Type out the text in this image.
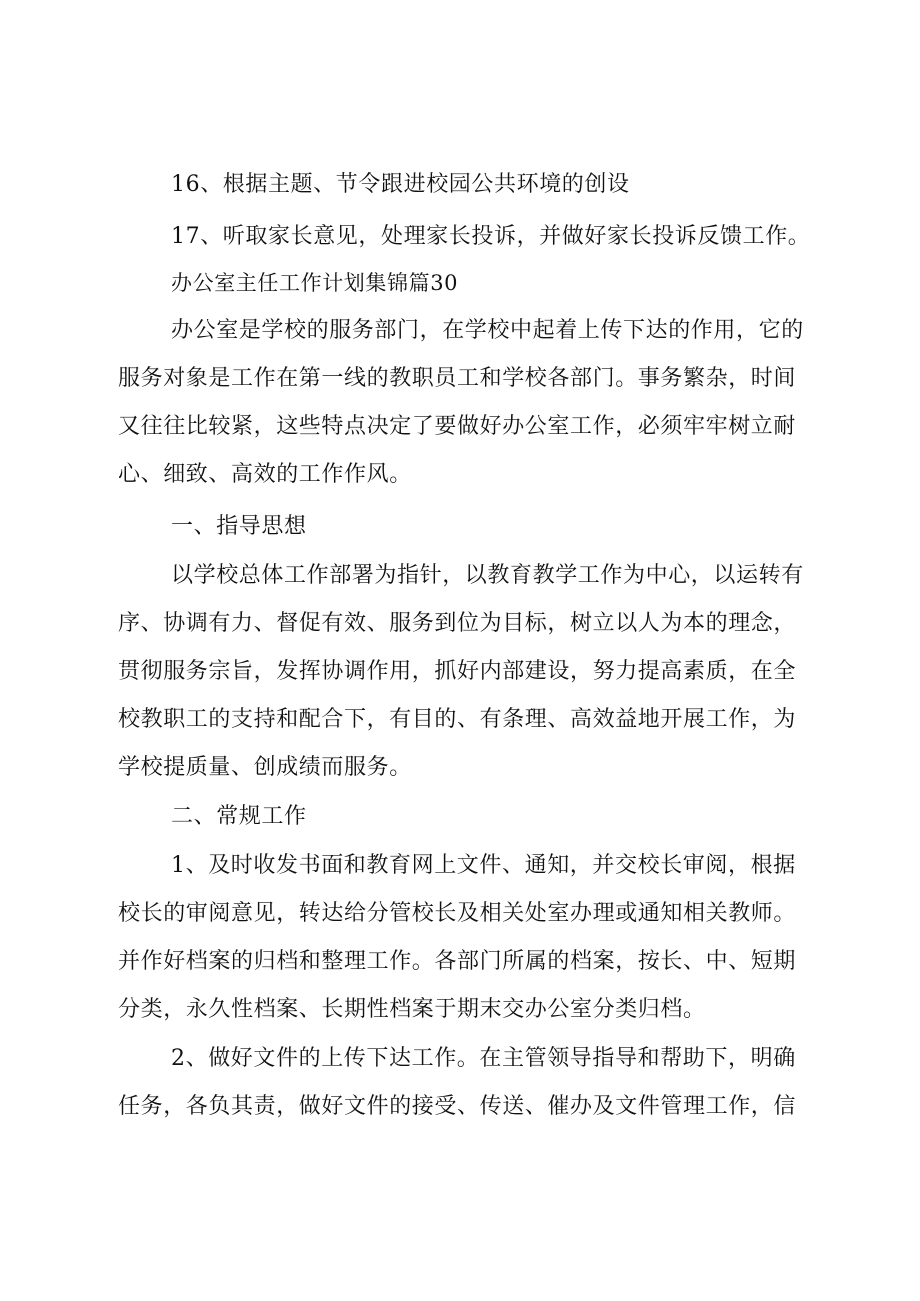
16、根据主题、节令跟进校园公共环境的创设
17、听取家长意见，处理家长投诉，并做好家长投诉反馈工作。
办公室主任工作计划集锦篇30
办公室是学校的服务部门，在学校中起着上传下达的作用，它的
服务对象是工作在第一线的教职员工和学校各部门。事务繁杂，时间
又往往比较紧，这些特点决定了要做好办公室工作，必须牢牢树立耐
心、细致、高效的工作作风。
一、指导思想
以学校总体工作部署为指针，以教育教学工作为中心，以运转有
序、协调有力、督促有效、服务到位为目标，树立以人为本的理念，
贯彻服务宗旨，发挥协调作用，抓好内部建设，努力提高素质，在全
校教职工的支持和配合下，有目的、有条理、高效益地开展工作，为
学校提质量、创成绩而服务。
二、常规工作
1、及时收发书面和教育网上文件、通知，并交校长审阅，根据
校长的审阅意见，转达给分管校长及相关处室办理或通知相关教师。
并作好档案的归档和整理工作。各部门所属的档案，按长、中、短期
分类，永久性档案、长期性档案于期末交办公室分类归档。
2、做好文件的上传下达工作。在主管领导指导和帮助下，明确
任务，各负其责，做好文件的接受、传送、催办及文件管理工作，信
